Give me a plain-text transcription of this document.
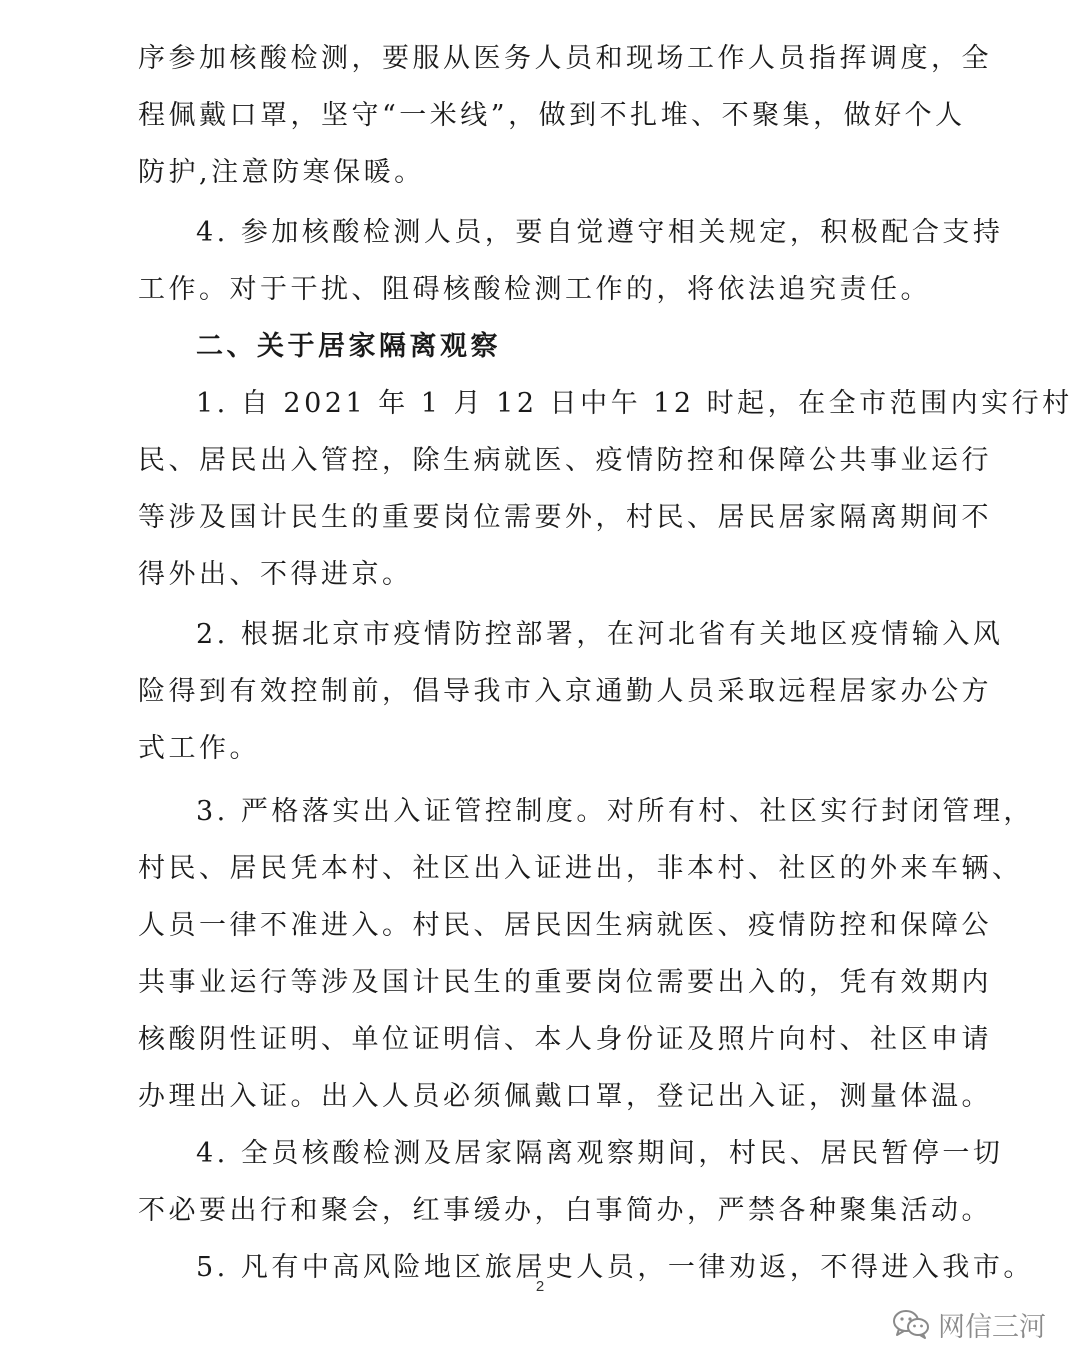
序参加核酸检测，要服从医务人员和现场工作人员指挥调度，全
程佩戴口罩，坚守“一米线”，做到不扎堆、不聚集，做好个人
防护,注意防寒保暖。

4. 参加核酸检测人员，要自觉遵守相关规定，积极配合支持
工作。对于干扰、阻碍核酸检测工作的，将依法追究责任。

二、关于居家隔离观察

1. 自 2021 年 1 月 12 日中午 12 时起，在全市范围内实行村
民、居民出入管控，除生病就医、疫情防控和保障公共事业运行
等涉及国计民生的重要岗位需要外，村民、居民居家隔离期间不
得外出、不得进京。

2. 根据北京市疫情防控部署，在河北省有关地区疫情输入风
险得到有效控制前，倡导我市入京通勤人员采取远程居家办公方
式工作。

3. 严格落实出入证管控制度。对所有村、社区实行封闭管理，
村民、居民凭本村、社区出入证进出，非本村、社区的外来车辆、
人员一律不准进入。村民、居民因生病就医、疫情防控和保障公
共事业运行等涉及国计民生的重要岗位需要出入的，凭有效期内
核酸阴性证明、单位证明信、本人身份证及照片向村、社区申请
办理出入证。出入人员必须佩戴口罩，登记出入证，测量体温。

4. 全员核酸检测及居家隔离观察期间，村民、居民暂停一切
不必要出行和聚会，红事缓办，白事简办，严禁各种聚集活动。

5. 凡有中高风险地区旅居史人员，一律劝返，不得进入我市。

2
网信三河
